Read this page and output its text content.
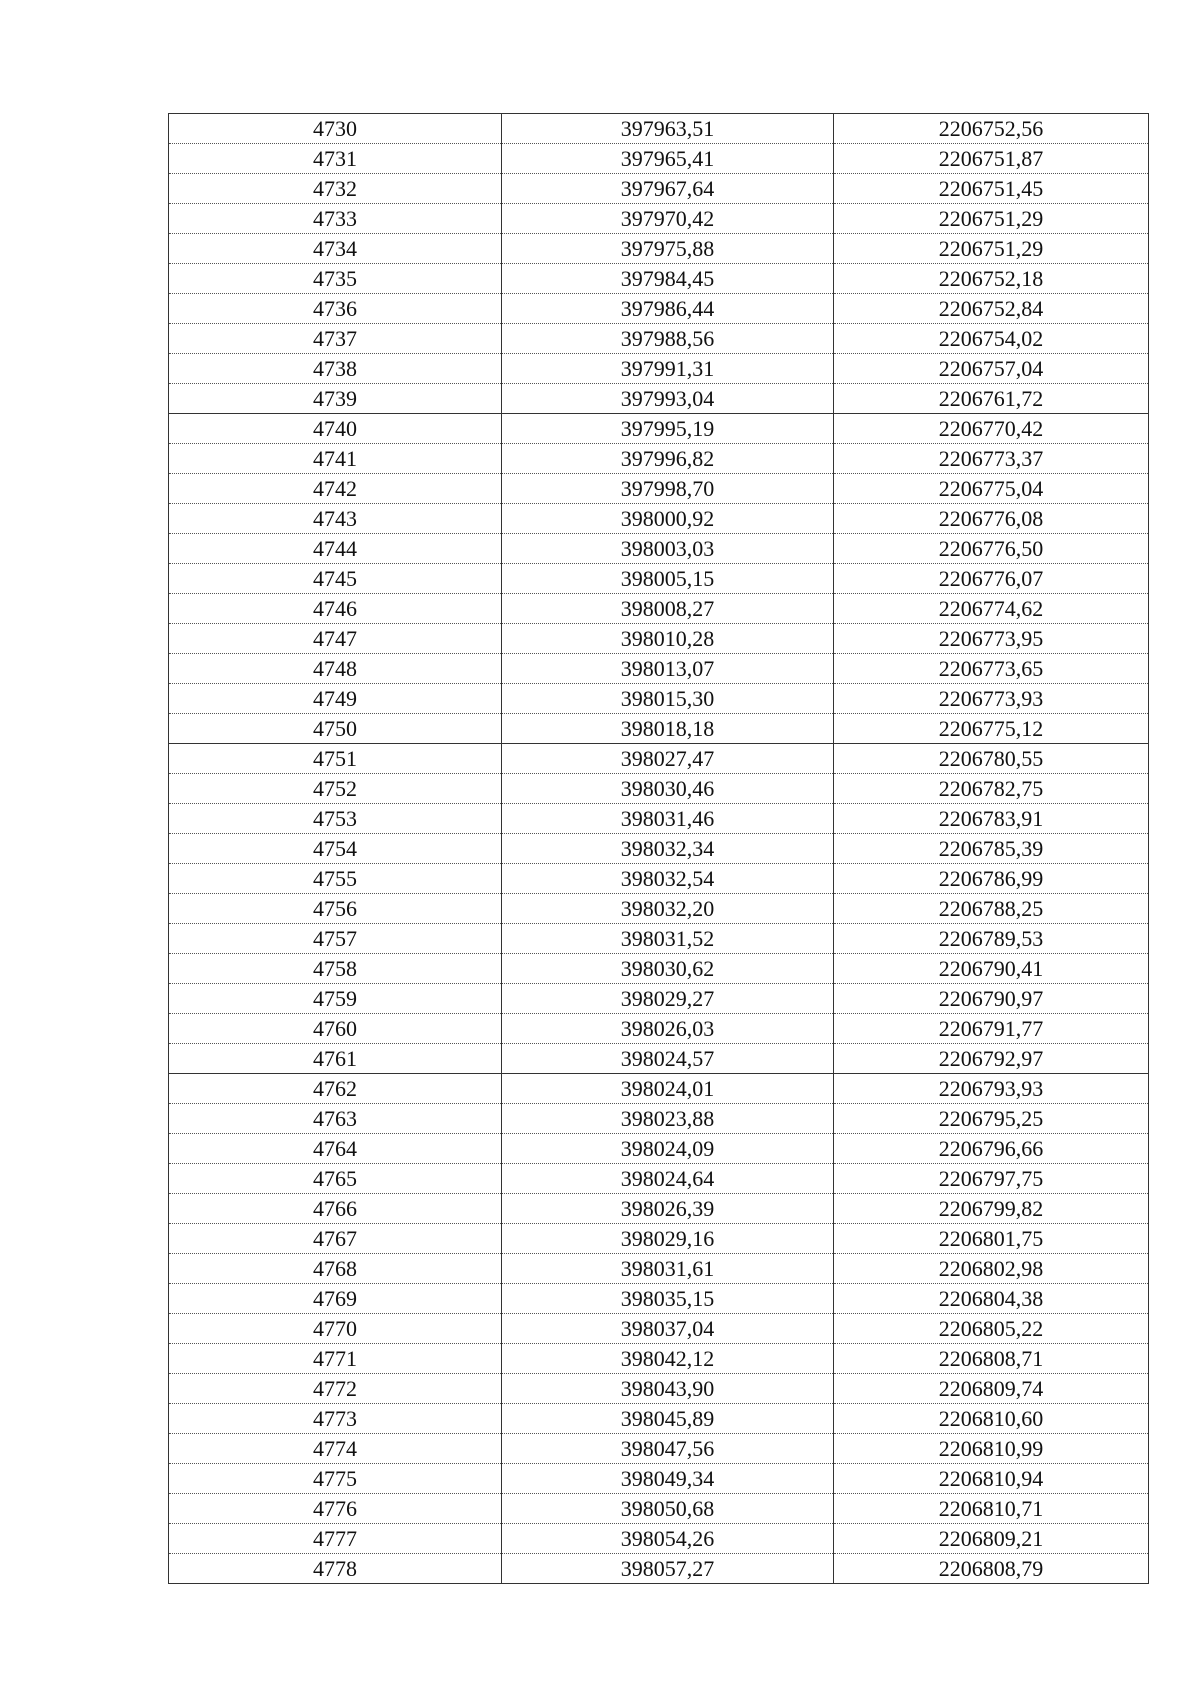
4730	397963,51	2206752,56
4731	397965,41	2206751,87
4732	397967,64	2206751,45
4733	397970,42	2206751,29
4734	397975,88	2206751,29
4735	397984,45	2206752,18
4736	397986,44	2206752,84
4737	397988,56	2206754,02
4738	397991,31	2206757,04
4739	397993,04	2206761,72
4740	397995,19	2206770,42
4741	397996,82	2206773,37
4742	397998,70	2206775,04
4743	398000,92	2206776,08
4744	398003,03	2206776,50
4745	398005,15	2206776,07
4746	398008,27	2206774,62
4747	398010,28	2206773,95
4748	398013,07	2206773,65
4749	398015,30	2206773,93
4750	398018,18	2206775,12
4751	398027,47	2206780,55
4752	398030,46	2206782,75
4753	398031,46	2206783,91
4754	398032,34	2206785,39
4755	398032,54	2206786,99
4756	398032,20	2206788,25
4757	398031,52	2206789,53
4758	398030,62	2206790,41
4759	398029,27	2206790,97
4760	398026,03	2206791,77
4761	398024,57	2206792,97
4762	398024,01	2206793,93
4763	398023,88	2206795,25
4764	398024,09	2206796,66
4765	398024,64	2206797,75
4766	398026,39	2206799,82
4767	398029,16	2206801,75
4768	398031,61	2206802,98
4769	398035,15	2206804,38
4770	398037,04	2206805,22
4771	398042,12	2206808,71
4772	398043,90	2206809,74
4773	398045,89	2206810,60
4774	398047,56	2206810,99
4775	398049,34	2206810,94
4776	398050,68	2206810,71
4777	398054,26	2206809,21
4778	398057,27	2206808,79
